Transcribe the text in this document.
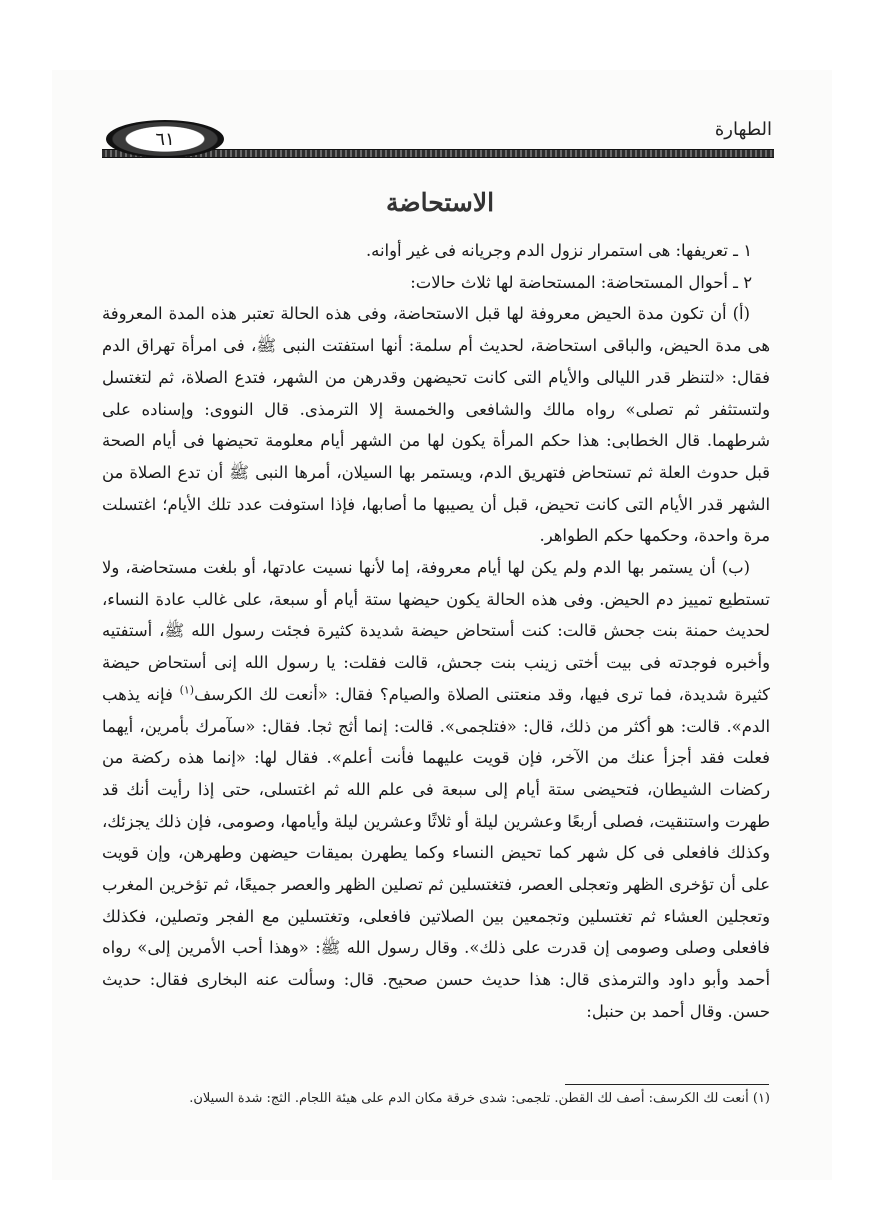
الطهارة
٦١
الاستحاضة

١ ـ تعريفها: هى استمرار نزول الدم وجريانه فى غير أوانه.

٢ ـ أحوال المستحاضة: المستحاضة لها ثلاث حالات:

(أ) أن تكون مدة الحيض معروفة لها قبل الاستحاضة، وفى هذه الحالة تعتبر هذه المدة المعروفة هى مدة الحيض، والباقى استحاضة، لحديث أم سلمة: أنها استفتت النبى ﷺ، فى امرأة تهراق الدم فقال: «لتنظر قدر الليالى والأيام التى كانت تحيضهن وقدرهن من الشهر، فتدع الصلاة، ثم لتغتسل ولتستثفر ثم تصلى» رواه مالك والشافعى والخمسة إلا الترمذى. قال النووى: وإسناده على شرطهما. قال الخطابى: هذا حكم المرأة يكون لها من الشهر أيام معلومة تحيضها فى أيام الصحة قبل حدوث العلة ثم تستحاض فتهريق الدم، ويستمر بها السيلان، أمرها النبى ﷺ أن تدع الصلاة من الشهر قدر الأيام التى كانت تحيض، قبل أن يصيبها ما أصابها، فإذا استوفت عدد تلك الأيام؛ اغتسلت مرة واحدة، وحكمها حكم الطواهر.

(ب) أن يستمر بها الدم ولم يكن لها أيام معروفة، إما لأنها نسيت عادتها، أو بلغت مستحاضة، ولا تستطيع تمييز دم الحيض. وفى هذه الحالة يكون حيضها ستة أيام أو سبعة، على غالب عادة النساء، لحديث حمنة بنت جحش قالت: كنت أستحاض حيضة شديدة كثيرة فجئت رسول الله ﷺ، أستفتيه وأخبره فوجدته فى بيت أختى زينب بنت جحش، قالت فقلت: يا رسول الله إنى أستحاض حيضة كثيرة شديدة، فما ترى فيها، وقد منعتنى الصلاة والصيام؟ فقال: «أنعت لك الكرسف$^{(١)}$ فإنه يذهب الدم». قالت: هو أكثر من ذلك، قال: «فتلجمى». قالت: إنما أثج ثجا. فقال: «سآمرك بأمرين، أيهما فعلت فقد أجزأ عنك من الآخر، فإن قويت عليهما فأنت أعلم». فقال لها: «إنما هذه ركضة من ركضات الشيطان، فتحيضى ستة أيام إلى سبعة فى علم الله ثم اغتسلى، حتى إذا رأيت أنك قد طهرت واستنقيت، فصلى أربعًا وعشرين ليلة أو ثلاثًا وعشرين ليلة وأيامها، وصومى، فإن ذلك يجزئك، وكذلك فافعلى فى كل شهر كما تحيض النساء وكما يطهرن بميقات حيضهن وطهرهن، وإن قويت على أن تؤخرى الظهر وتعجلى العصر، فتغتسلين ثم تصلين الظهر والعصر جميعًا، ثم تؤخرين المغرب وتعجلين العشاء ثم تغتسلين وتجمعين بين الصلاتين فافعلى، وتغتسلين مع الفجر وتصلين، فكذلك فافعلى وصلى وصومى إن قدرت على ذلك». وقال رسول الله ﷺ: «وهذا أحب الأمرين إلى» رواه أحمد وأبو داود والترمذى قال: هذا حديث حسن صحيح. قال: وسألت عنه البخارى فقال: حديث حسن. وقال أحمد بن حنبل:

(١) أنعت لك الكرسف: أصف لك القطن. تلجمى: شدى خرقة مكان الدم على هيئة اللجام. الثج: شدة السيلان.
